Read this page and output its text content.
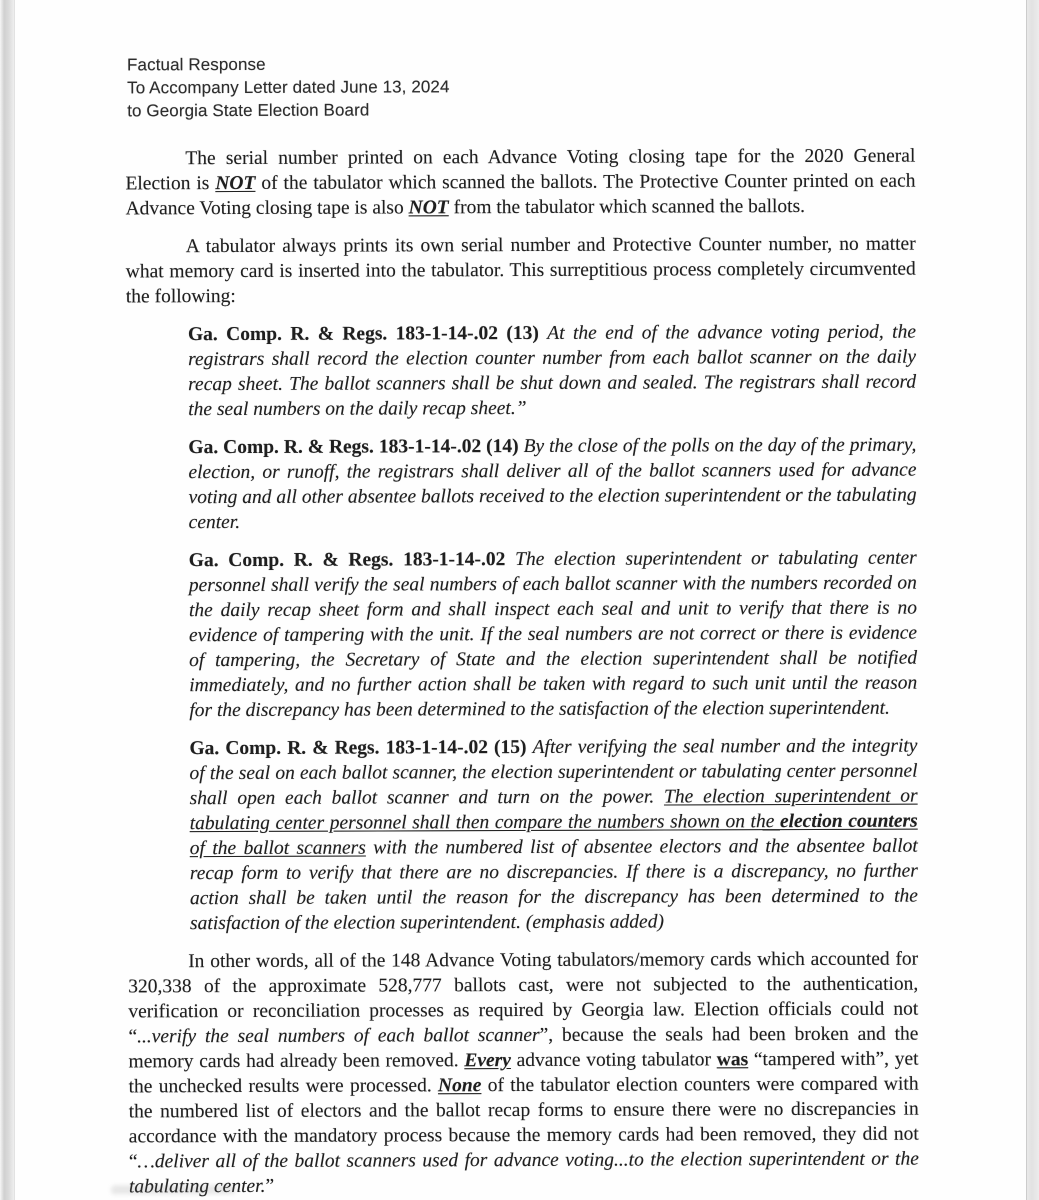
Factual Response
To Accompany Letter dated June 13, 2024
to Georgia State Election Board

The serial number printed on each Advance Voting closing tape for the 2020 General Election is NOT of the tabulator which scanned the ballots. The Protective Counter printed on each Advance Voting closing tape is also NOT from the tabulator which scanned the ballots.

A tabulator always prints its own serial number and Protective Counter number, no matter what memory card is inserted into the tabulator. This surreptitious process completely circumvented the following:

Ga. Comp. R. & Regs. 183-1-14-.02 (13) At the end of the advance voting period, the registrars shall record the election counter number from each ballot scanner on the daily recap sheet. The ballot scanners shall be shut down and sealed. The registrars shall record the seal numbers on the daily recap sheet.”

Ga. Comp. R. & Regs. 183-1-14-.02 (14) By the close of the polls on the day of the primary, election, or runoff, the registrars shall deliver all of the ballot scanners used for advance voting and all other absentee ballots received to the election superintendent or the tabulating center.

Ga. Comp. R. & Regs. 183-1-14-.02 The election superintendent or tabulating center personnel shall verify the seal numbers of each ballot scanner with the numbers recorded on the daily recap sheet form and shall inspect each seal and unit to verify that there is no evidence of tampering with the unit. If the seal numbers are not correct or there is evidence of tampering, the Secretary of State and the election superintendent shall be notified immediately, and no further action shall be taken with regard to such unit until the reason for the discrepancy has been determined to the satisfaction of the election superintendent.

Ga. Comp. R. & Regs. 183-1-14-.02 (15) After verifying the seal number and the integrity of the seal on each ballot scanner, the election superintendent or tabulating center personnel shall open each ballot scanner and turn on the power. The election superintendent or tabulating center personnel shall then compare the numbers shown on the election counters of the ballot scanners with the numbered list of absentee electors and the absentee ballot recap form to verify that there are no discrepancies. If there is a discrepancy, no further action shall be taken until the reason for the discrepancy has been determined to the satisfaction of the election superintendent. (emphasis added)

In other words, all of the 148 Advance Voting tabulators/memory cards which accounted for 320,338 of the approximate 528,777 ballots cast, were not subjected to the authentication, verification or reconciliation processes as required by Georgia law. Election officials could not “...verify the seal numbers of each ballot scanner”, because the seals had been broken and the memory cards had already been removed. Every advance voting tabulator was “tampered with”, yet the unchecked results were processed. None of the tabulator election counters were compared with the numbered list of electors and the ballot recap forms to ensure there were no discrepancies in accordance with the mandatory process because the memory cards had been removed, they did not “…deliver all of the ballot scanners used for advance voting...to the election superintendent or the tabulating center.”
